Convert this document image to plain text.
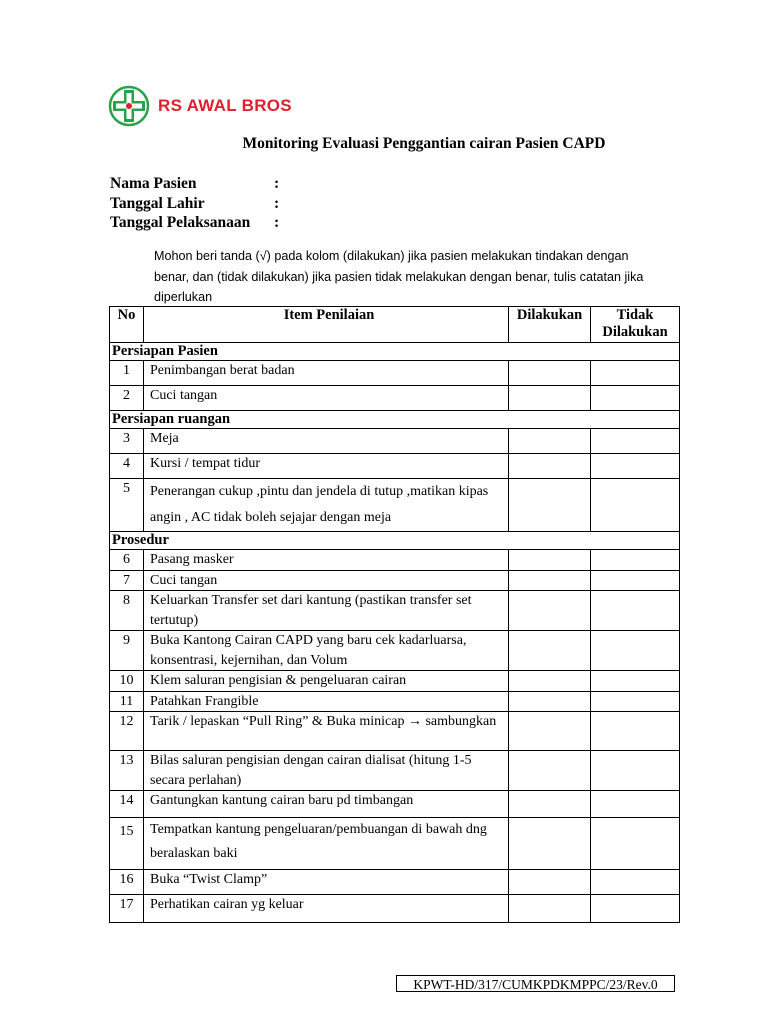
RS AWAL BROS
Monitoring Evaluasi Penggantian cairan Pasien CAPD
Nama Pasien	:
Tanggal Lahir	:
Tanggal Pelaksanaan	:
Mohon beri tanda (√) pada kolom (dilakukan) jika pasien melakukan tindakan dengan
benar, dan (tidak dilakukan) jika pasien tidak melakukan dengan benar, tulis catatan jika
diperlukan
No	Item Penilaian	Dilakukan	Tidak Dilakukan
Persiapan Pasien			
1	Penimbangan berat badan		
2	Cuci tangan		
Persiapan ruangan			
3	Meja		
4	Kursi / tempat tidur		
5	Penerangan cukup ,pintu dan jendela di tutup ,matikan kipas angin , AC tidak boleh sejajar dengan meja		
Prosedur			
6	Pasang masker		
7	Cuci tangan		
8	Keluarkan Transfer set dari kantung (pastikan transfer set tertutup)		
9	Buka Kantong Cairan CAPD yang baru cek kadarluarsa, konsentrasi, kejernihan, dan Volum		
10	Klem saluran pengisian & pengeluaran cairan		
11	Patahkan Frangible		
12	Tarik / lepaskan “Pull Ring” & Buka minicap → sambungkan		
13	Bilas saluran pengisian dengan cairan dialisat (hitung 1-5 secara perlahan)		
14	Gantungkan kantung cairan baru pd timbangan		
15	Tempatkan kantung pengeluaran/pembuangan di bawah dng beralaskan baki		
16	Buka “Twist Clamp”		
17	Perhatikan cairan yg keluar		
KPWT-HD/317/CUMKPDKMPPC/23/Rev.0
